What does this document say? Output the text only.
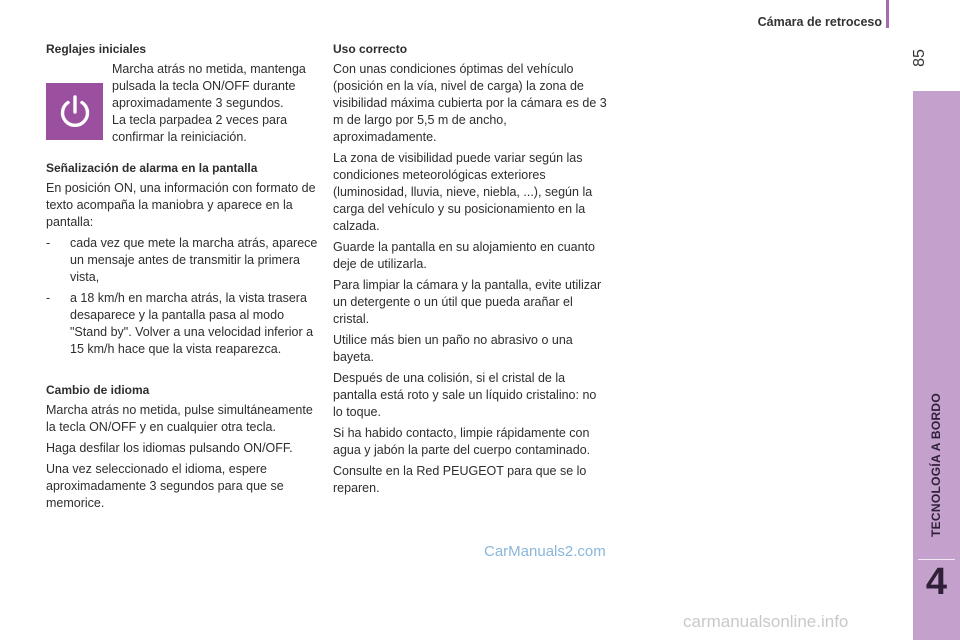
Cámara de retroceso
85
TECNOLOGÍA A BORDO
4
Reglajes iniciales

Marcha atrás no metida, mantenga pulsada la tecla ON/OFF durante aproximadamente 3 segundos.

La tecla parpadea 2 veces para confirmar la reiniciación.

Señalización de alarma en la pantalla

En posición ON, una información con formato de texto acompaña la maniobra y aparece en la pantalla:

-	cada vez que mete la marcha atrás, aparece un mensaje antes de transmitir la primera vista,
-	a 18 km/h en marcha atrás, la vista trasera desaparece y la pantalla pasa al modo "Stand by". Volver a una velocidad inferior a 15 km/h hace que la vista reaparezca.
Cambio de idioma

Marcha atrás no metida, pulse simultáneamente la tecla ON/OFF y en cualquier otra tecla.

Haga desfilar los idiomas pulsando ON/OFF.

Una vez seleccionado el idioma, espere aproximadamente 3 segundos para que se memorice.

Uso correcto

Con unas condiciones óptimas del vehículo (posición en la vía, nivel de carga) la zona de visibilidad máxima cubierta por la cámara es de 3 m de largo por 5,5 m de ancho, aproximadamente.

La zona de visibilidad puede variar según las condiciones meteorológicas exteriores (luminosidad, lluvia, nieve, niebla, ...), según la carga del vehículo y su posicionamiento en la calzada.

Guarde la pantalla en su alojamiento en cuanto deje de utilizarla.

Para limpiar la cámara y la pantalla, evite utilizar un detergente o un útil que pueda arañar el cristal.

Utilice más bien un paño no abrasivo o una bayeta.

Después de una colisión, si el cristal de la pantalla está roto y sale un líquido cristalino: no lo toque.

Si ha habido contacto, limpie rápidamente con agua y jabón la parte del cuerpo contaminado.

Consulte en la Red PEUGEOT para que se lo reparen.

CarManuals2.com
carmanualsonline.info
